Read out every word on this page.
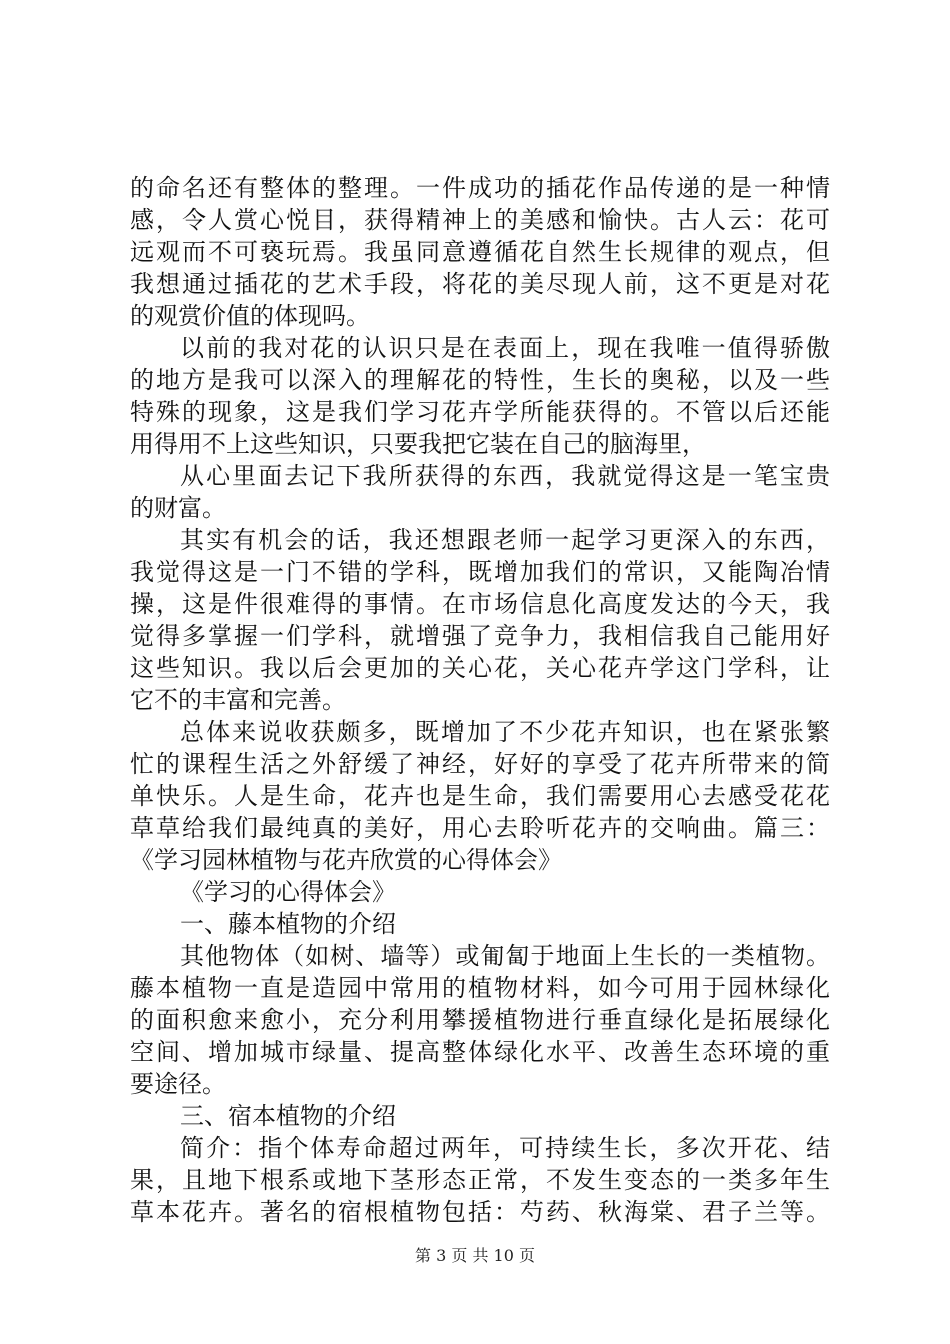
的命名还有整体的整理。一件成功的插花作品传递的是一种情
感，令人赏心悦目，获得精神上的美感和愉快。古人云：花可
远观而不可亵玩焉。我虽同意遵循花自然生长规律的观点，但
我想通过插花的艺术手段，将花的美尽现人前，这不更是对花
的观赏价值的体现吗。
以前的我对花的认识只是在表面上，现在我唯一值得骄傲
的地方是我可以深入的理解花的特性，生长的奥秘，以及一些
特殊的现象，这是我们学习花卉学所能获得的。不管以后还能
用得用不上这些知识，只要我把它装在自己的脑海里，
从心里面去记下我所获得的东西，我就觉得这是一笔宝贵
的财富。
其实有机会的话，我还想跟老师一起学习更深入的东西，
我觉得这是一门不错的学科，既增加我们的常识，又能陶冶情
操，这是件很难得的事情。在市场信息化高度发达的今天，我
觉得多掌握一们学科，就增强了竞争力，我相信我自己能用好
这些知识。我以后会更加的关心花，关心花卉学这门学科，让
它不的丰富和完善。
总体来说收获颇多，既增加了不少花卉知识，也在紧张繁
忙的课程生活之外舒缓了神经，好好的享受了花卉所带来的简
单快乐。人是生命，花卉也是生命，我们需要用心去感受花花
草草给我们最纯真的美好，用心去聆听花卉的交响曲。篇三：
《学习园林植物与花卉欣赏的心得体会》
《学习的心得体会》
一、藤本植物的介绍
其他物体（如树、墙等）或匍匐于地面上生长的一类植物。
藤本植物一直是造园中常用的植物材料，如今可用于园林绿化
的面积愈来愈小，充分利用攀援植物进行垂直绿化是拓展绿化
空间、增加城市绿量、提高整体绿化水平、改善生态环境的重
要途径。
三、宿本植物的介绍
简介：指个体寿命超过两年，可持续生长，多次开花、结
果，且地下根系或地下茎形态正常，不发生变态的一类多年生
草本花卉。著名的宿根植物包括：芍药、秋海棠、君子兰等。
第 3 页 共 10 页
